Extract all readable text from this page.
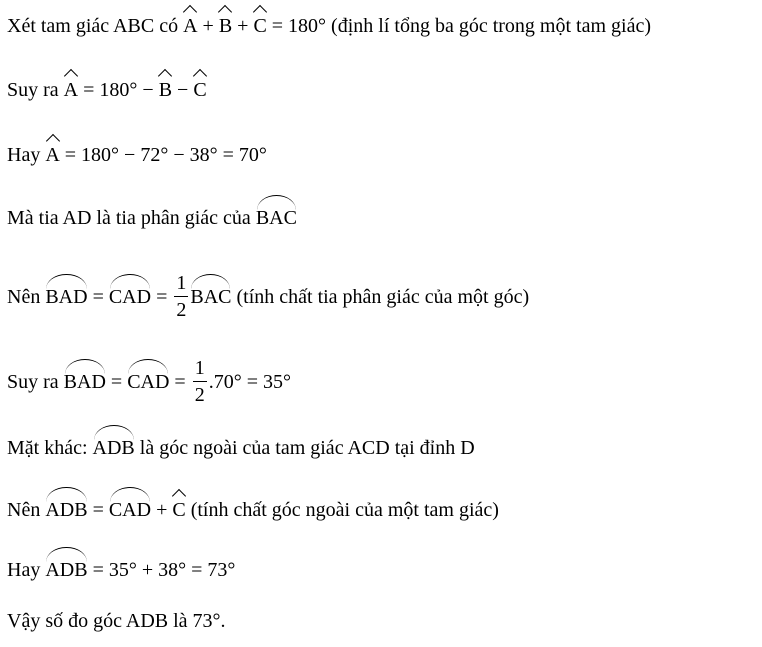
Xét tam giác ABC có A + B + C = 180° (định lí tổng ba góc trong một tam giác)
Suy ra A = 180° − B − C
Hay A = 180° − 72° − 38° = 70°
Mà tia AD là tia phân giác của BAC
Nên BAD = CAD = $\frac{1}{2}$ BAC (tính chất tia phân giác của một góc)
Suy ra BAD = CAD = $\frac{1}{2} .70^\circ = 35^\circ$
Mặt khác: ADB là góc ngoài của tam giác ACD tại đỉnh D
Nên ADB = CAD + C (tính chất góc ngoài của một tam giác)
Hay ADB = 35° + 38° = 73°
Vậy số đo góc ADB là 73°.
